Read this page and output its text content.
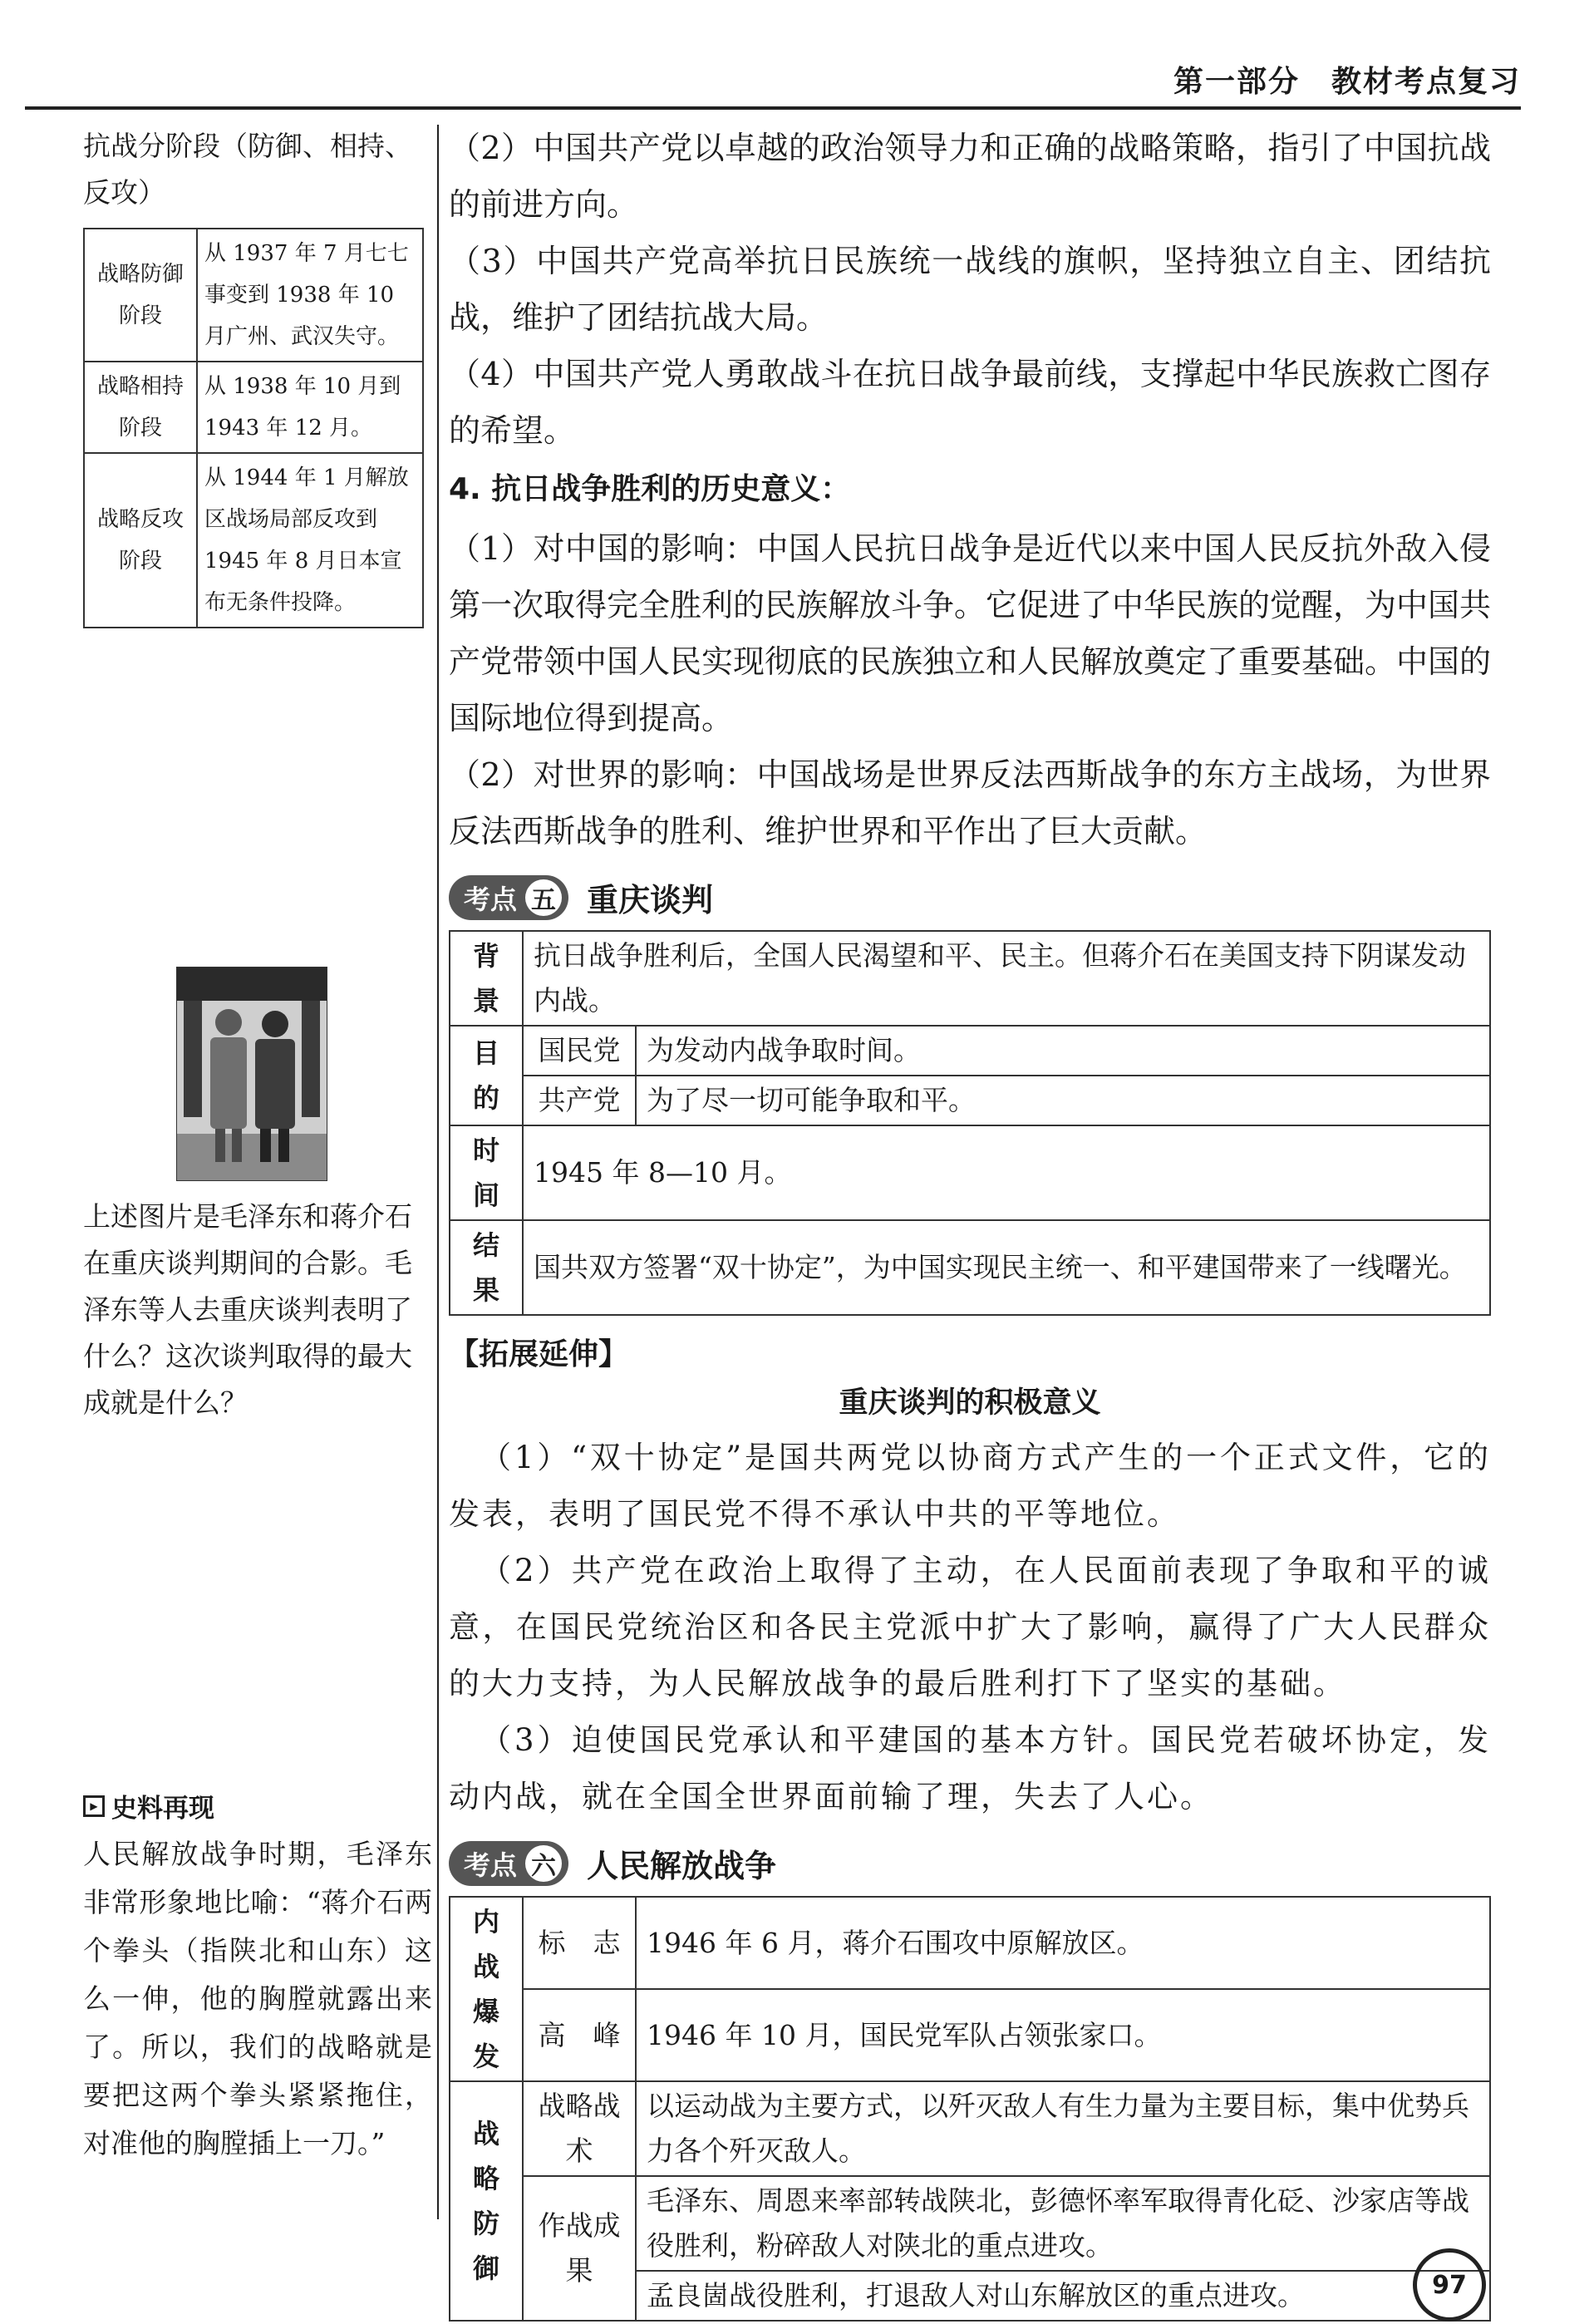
第一部分　教材考点复习

抗战分阶段（防御、相持、反攻）

战略防御阶段	从 1937 年 7 月七七事变到 1938 年 10 月广州、武汉失守。
战略相持阶段	从 1938 年 10 月到 1943 年 12 月。
战略反攻阶段	从 1944 年 1 月解放区战场局部反攻到 1945 年 8 月日本宣布无条件投降。
上述图片是毛泽东和蒋介石在重庆谈判期间的合影。毛泽东等人去重庆谈判表明了什么？这次谈判取得的最大成就是什么？
▶ 史料再现
人民解放战争时期，毛泽东非常形象地比喻：“蒋介石两个拳头（指陕北和山东）这么一伸，他的胸膛就露出来了。所以，我们的战略就是要把这两个拳头紧紧拖住，对准他的胸膛插上一刀。”

（2）中国共产党以卓越的政治领导力和正确的战略策略，指引了中国抗战的前进方向。

（3）中国共产党高举抗日民族统一战线的旗帜，坚持独立自主、团结抗战，维护了团结抗战大局。

（4）中国共产党人勇敢战斗在抗日战争最前线，支撑起中华民族救亡图存的希望。

4. 抗日战争胜利的历史意义：

（1）对中国的影响：中国人民抗日战争是近代以来中国人民反抗外敌入侵第一次取得完全胜利的民族解放斗争。它促进了中华民族的觉醒，为中国共产党带领中国人民实现彻底的民族独立和人民解放奠定了重要基础。中国的国际地位得到提高。

（2）对世界的影响：中国战场是世界反法西斯战争的东方主战场，为世界反法西斯战争的胜利、维护世界和平作出了巨大贡献。

考点 五 重庆谈判
背景	抗日战争胜利后，全国人民渴望和平、民主。但蒋介石在美国支持下阴谋发动内战。	
目的	国民党	为发动内战争取时间。
	共产党	为了尽一切可能争取和平。
时间	1945 年 8—10 月。	
结果	国共双方签署“双十协定”，为中国实现民主统一、和平建国带来了一线曙光。	
【拓展延伸】
重庆谈判的积极意义

（1）“双十协定”是国共两党以协商方式产生的一个正式文件，它的发表，表明了国民党不得不承认中共的平等地位。

（2）共产党在政治上取得了主动，在人民面前表现了争取和平的诚意，在国民党统治区和各民主党派中扩大了影响，赢得了广大人民群众的大力支持，为人民解放战争的最后胜利打下了坚实的基础。

（3）迫使国民党承认和平建国的基本方针。国民党若破坏协定，发动内战，就在全国全世界面前输了理，失去了人心。

考点 六 人民解放战争
内战爆发	标　志	1946 年 6 月，蒋介石围攻中原解放区。
	高　峰	1946 年 10 月，国民党军队占领张家口。
战略防御	战略战术	以运动战为主要方式，以歼灭敌人有生力量为主要目标，集中优势兵力各个歼灭敌人。
	作战成果	毛泽东、周恩来率部转战陕北，彭德怀率军取得青化砭、沙家店等战役胜利，粉碎敌人对陕北的重点进攻。
		孟良崮战役胜利，打退敌人对山东解放区的重点进攻。	97
